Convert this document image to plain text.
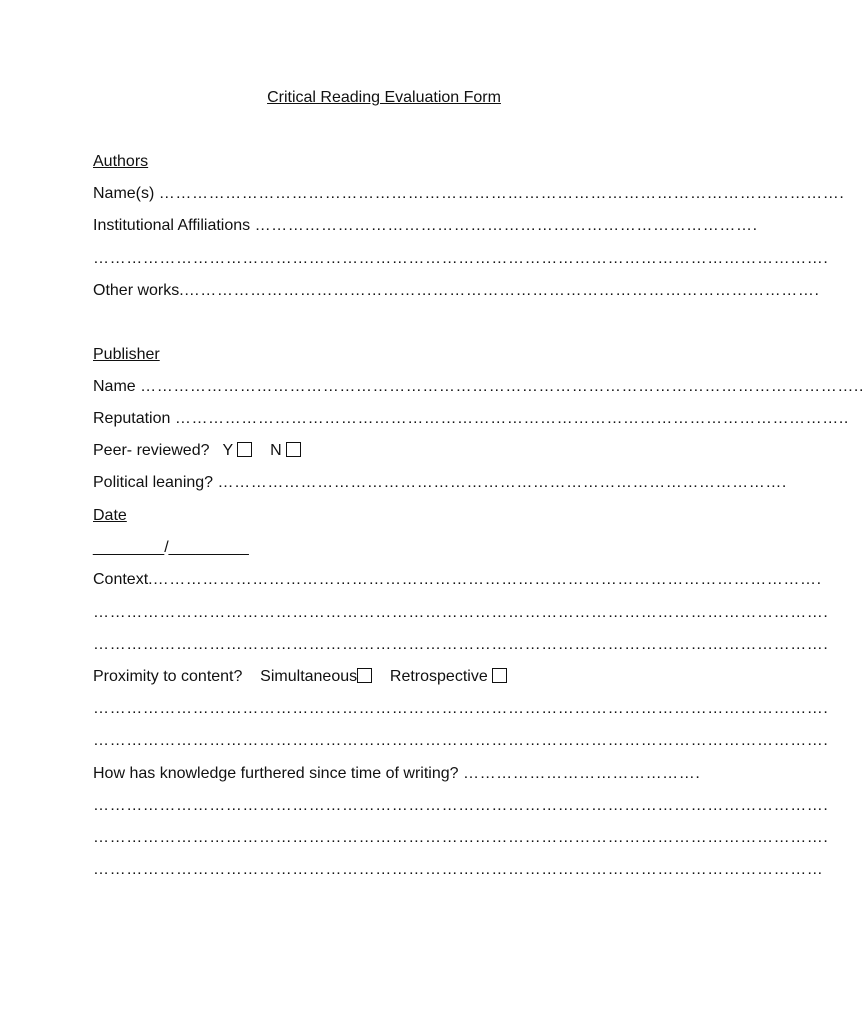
Critical Reading Evaluation Form
Authors
Name(s) …………………………………………………………………………………………………………….
Institutional Affiliations ……………………………………………………………………………….
…………………………………………………………………………………………………………………….
Other works.…………………………………………………………………………………………………….
Publisher
Name …………………………………………………………………………………………………………………..
Reputation …………………………………………………………………………………………………………..
Peer- reviewed?   Y     N
Political leaning? ………………………………………………………………………………………….
Date
________/_________
Context.………………………………………………………………………………………………………….
…………………………………………………………………………………………………………………….
…………………………………………………………………………………………………………………….
Proximity to content?    Simultaneous    Retrospective
…………………………………………………………………………………………………………………….
…………………………………………………………………………………………………………………….
How has knowledge furthered since time of writing? …………………………………….
…………………………………………………………………………………………………………………….
…………………………………………………………………………………………………………………….
……………………………………………………………………………………………………………………
